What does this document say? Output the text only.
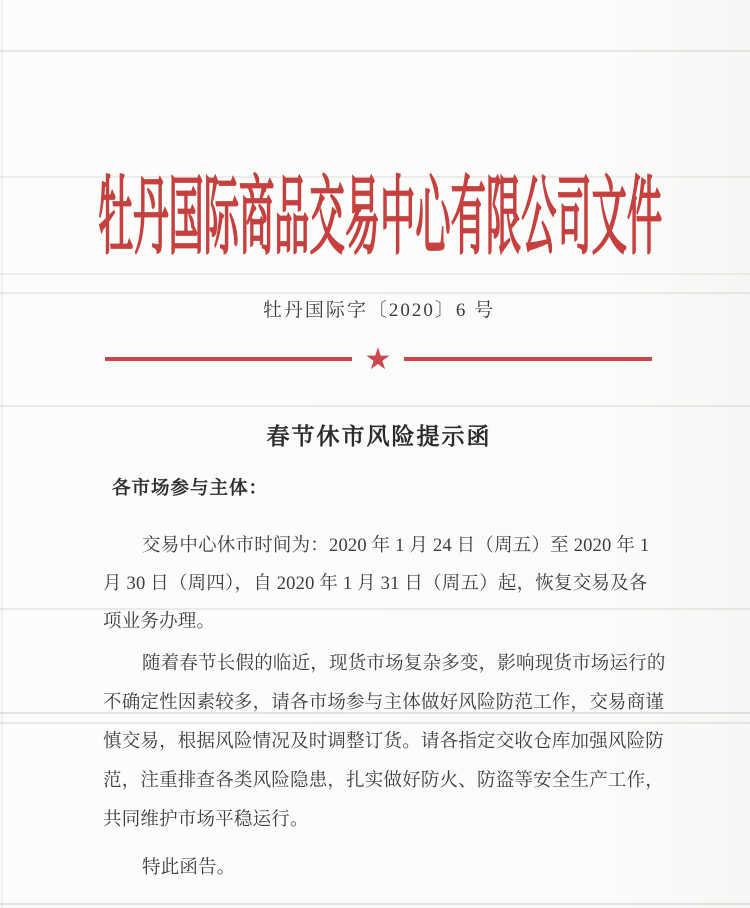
牡丹国际商品交易中心有限公司文件
牡丹国际字〔2020〕6 号
★
春节休市风险提示函
各市场参与主体：
交易中心休市时间为：2020 年 1 月 24 日（周五）至 2020 年 1
月 30 日（周四），自 2020 年 1 月 31 日（周五）起，恢复交易及各
项业务办理。
随着春节长假的临近，现货市场复杂多变，影响现货市场运行的
不确定性因素较多，请各市场参与主体做好风险防范工作，交易商谨
慎交易，根据风险情况及时调整订货。请各指定交收仓库加强风险防
范，注重排查各类风险隐患，扎实做好防火、防盗等安全生产工作，
共同维护市场平稳运行。
特此函告。
